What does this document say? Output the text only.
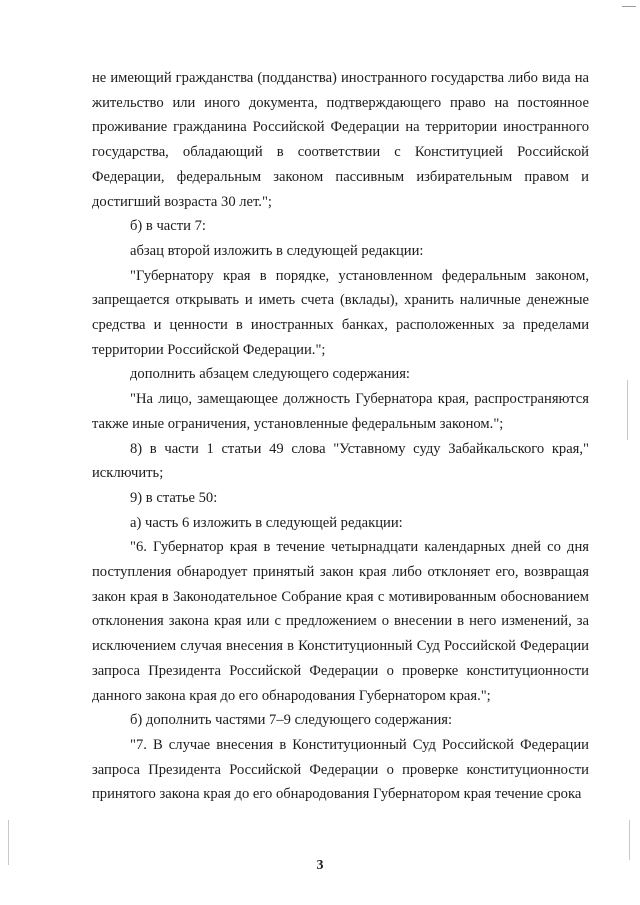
не имеющий гражданства (подданства) иностранного государства либо вида на жительство или иного документа, подтверждающего право на постоянное проживание гражданина Российской Федерации на территории иностранного государства, обладающий в соответствии с Конституцией Российской Федерации, федеральным законом пассивным избирательным правом и достигший возраста 30 лет.";

б) в части 7:

абзац второй изложить в следующей редакции:

"Губернатору края в порядке, установленном федеральным законом, запрещается открывать и иметь счета (вклады), хранить наличные денежные средства и ценности в иностранных банках, расположенных за пределами территории Российской Федерации.";

дополнить абзацем следующего содержания:

"На лицо, замещающее должность Губернатора края, распространяются также иные ограничения, установленные федеральным законом.";

8) в части 1 статьи 49 слова "Уставному суду Забайкальского края," исключить;

9) в статье 50:

а) часть 6 изложить в следующей редакции:

"6. Губернатор края в течение четырнадцати календарных дней со дня поступления обнародует принятый закон края либо отклоняет его, возвращая закон края в Законодательное Собрание края с мотивированным обоснованием отклонения закона края или с предложением о внесении в него изменений, за исключением случая внесения в Конституционный Суд Российской Федерации запроса Президента Российской Федерации о проверке конституционности данного закона края до его обнародования Губернатором края.";

б) дополнить частями 7–9 следующего содержания:

"7. В случае внесения в Конституционный Суд Российской Федерации запроса Президента Российской Федерации о проверке конституционности принятого закона края до его обнародования Губернатором края течение срока

3
